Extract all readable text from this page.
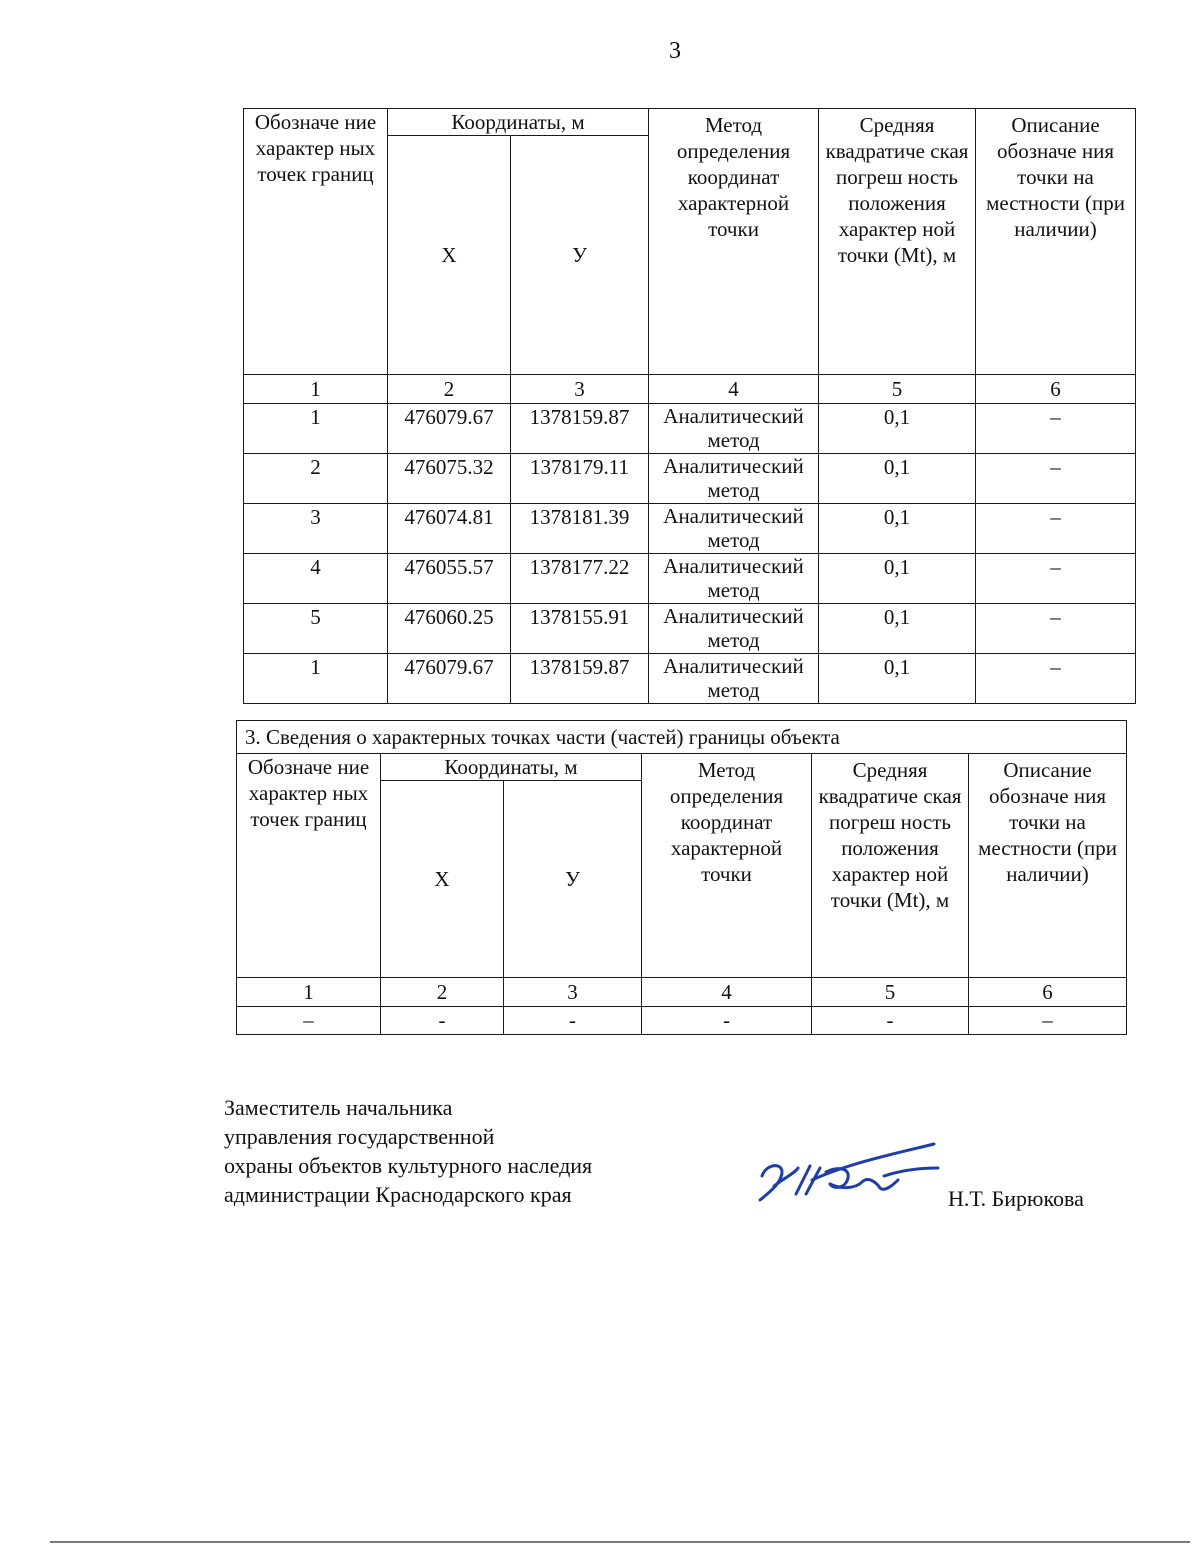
3
Обозначе ние характер ных точек границ	Координаты, м		Метод определения координат характерной точки	Средняя квадратиче ская погреш ность положения характер ной точки (Mt), м	Описание обозначе ния точки на местности (при наличии)
	Х	У			
1	2	3	4	5	6
1	476079.67	1378159.87	Аналитический метод	0,1	–
2	476075.32	1378179.11	Аналитический метод	0,1	–
3	476074.81	1378181.39	Аналитический метод	0,1	–
4	476055.57	1378177.22	Аналитический метод	0,1	–
5	476060.25	1378155.91	Аналитический метод	0,1	–
1	476079.67	1378159.87	Аналитический метод	0,1	–
3. Сведения о характерных точках части (частей) границы объекта					
Обозначе ние характер ных точек границ	Координаты, м		Метод определения координат характерной точки	Средняя квадратиче ская погреш ность положения характер ной точки (Mt), м	Описание обозначе ния точки на местности (при наличии)
	Х	У			
1	2	3	4	5	6
–	-	-	-	-	–
Заместитель начальника
управления государственной
охраны объектов культурного наследия
администрации Краснодарского края	Н.Т. Бирюкова
